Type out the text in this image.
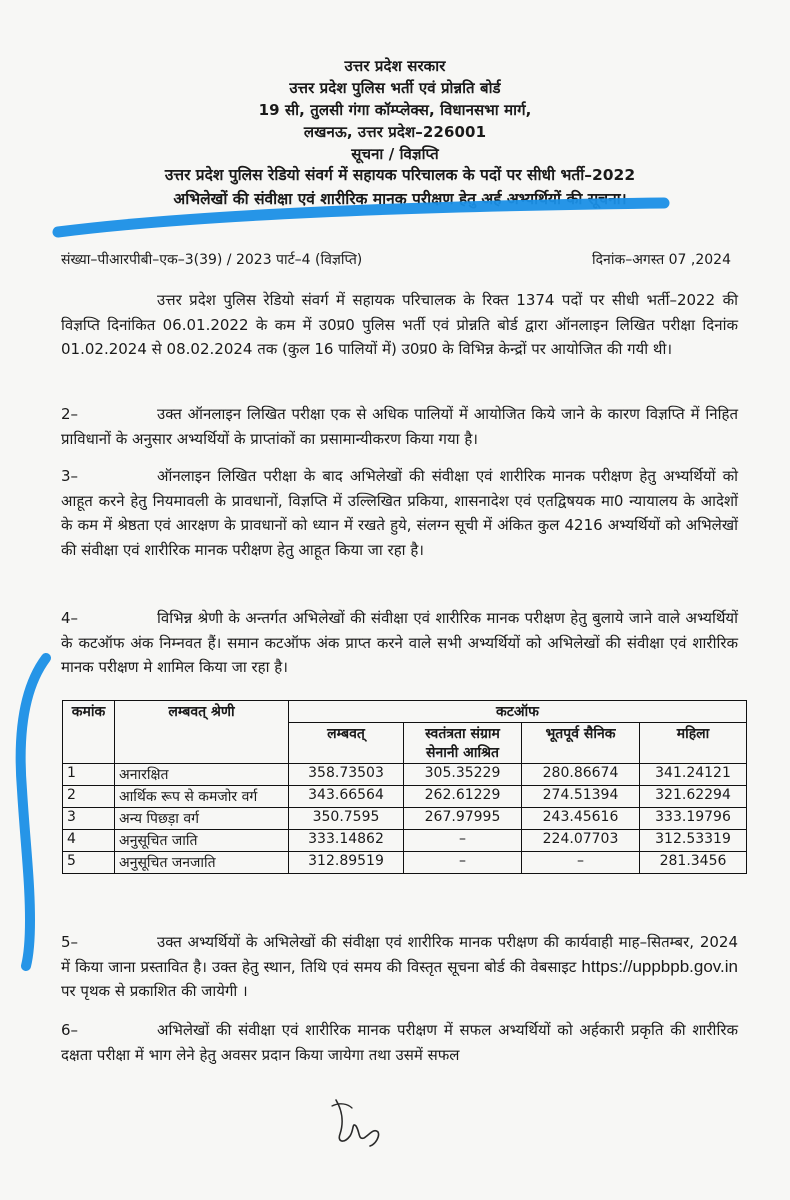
उत्तर प्रदेश सरकार
उत्तर प्रदेश पुलिस भर्ती एवं प्रोन्नति बोर्ड
19 सी, तुलसी गंगा कॉम्प्लेक्स, विधानसभा मार्ग,
लखनऊ, उत्तर प्रदेश–226001
सूचना / विज्ञप्ति
उत्तर प्रदेश पुलिस रेडियो संवर्ग में सहायक परिचालक के पदों पर सीधी भर्ती–2022
अभिलेखों की संवीक्षा एवं शारीरिक मानक परीक्षण हेतु अर्ह अभ्यर्थियों की सूचना।
संख्या–पीआरपीबी–एक–3(39) / 2023 पार्ट–4 (विज्ञप्ति)	दिनांक–अगस्त 07 ,2024
उत्तर प्रदेश पुलिस रेडियो संवर्ग में सहायक परिचालक के रिक्त 1374 पदों पर सीधी भर्ती–2022 की विज्ञप्ति दिनांकित 06.01.2022 के कम में उ0प्र0 पुलिस भर्ती एवं प्रोन्नति बोर्ड द्वारा ऑनलाइन लिखित परीक्षा दिनांक 01.02.2024 से 08.02.2024 तक (कुल 16 पालियों में) उ0प्र0 के विभिन्न केन्द्रों पर आयोजित की गयी थी।
2–	उक्त ऑनलाइन लिखित परीक्षा एक से अधिक पालियों में आयोजित किये जाने के कारण विज्ञप्ति में निहित प्राविधानों के अनुसार अभ्यर्थियों के प्राप्तांकों का प्रसामान्यीकरण किया गया है।
3–	ऑनलाइन लिखित परीक्षा के बाद अभिलेखों की संवीक्षा एवं शारीरिक मानक परीक्षण हेतु अभ्यर्थियों को आहूत करने हेतु नियमावली के प्रावधानों, विज्ञप्ति में उल्लिखित प्रकिया, शासनादेश एवं एतद्विषयक मा0 न्यायालय के आदेशों के कम में श्रेष्ठता एवं आरक्षण के प्रावधानों को ध्यान में रखते हुये, संलग्न सूची में अंकित कुल 4216 अभ्यर्थियों को अभिलेखों की संवीक्षा एवं शारीरिक मानक परीक्षण हेतु आहूत किया जा रहा है।
4–	विभिन्न श्रेणी के अन्तर्गत अभिलेखों की संवीक्षा एवं शारीरिक मानक परीक्षण हेतु बुलाये जाने वाले अभ्यर्थियों के कटऑफ अंक निम्नवत हैं। समान कटऑफ अंक प्राप्त करने वाले सभी अभ्यर्थियों को अभिलेखों की संवीक्षा एवं शारीरिक मानक परीक्षण मे शामिल किया जा रहा है।
कमांक	लम्बवत् श्रेणी	कटऑफ			
		लम्बवत्	स्वतंत्रता संग्राम सेनानी आश्रित	भूतपूर्व सैनिक	महिला
1	अनारक्षित	358.73503	305.35229	280.86674	341.24121
2	आर्थिक रूप से कमजोर वर्ग	343.66564	262.61229	274.51394	321.62294
3	अन्य पिछड़ा वर्ग	350.7595	267.97995	243.45616	333.19796
4	अनुसूचित जाति	333.14862	–	224.07703	312.53319
5	अनुसूचित जनजाति	312.89519	–	–	281.3456
5–	उक्त अभ्यर्थियों के अभिलेखों की संवीक्षा एवं शारीरिक मानक परीक्षण की कार्यवाही माह–सितम्बर, 2024 में किया जाना प्रस्तावित है। उक्त हेतु स्थान, तिथि एवं समय की विस्तृत सूचना बोर्ड की वेबसाइट https://uppbpb.gov.in पर पृथक से प्रकाशित की जायेगी ।
6–	अभिलेखों की संवीक्षा एवं शारीरिक मानक परीक्षण में सफल अभ्यर्थियों को अर्हकारी प्रकृति की शारीरिक दक्षता परीक्षा में भाग लेने हेतु अवसर प्रदान किया जायेगा तथा उसमें सफल
